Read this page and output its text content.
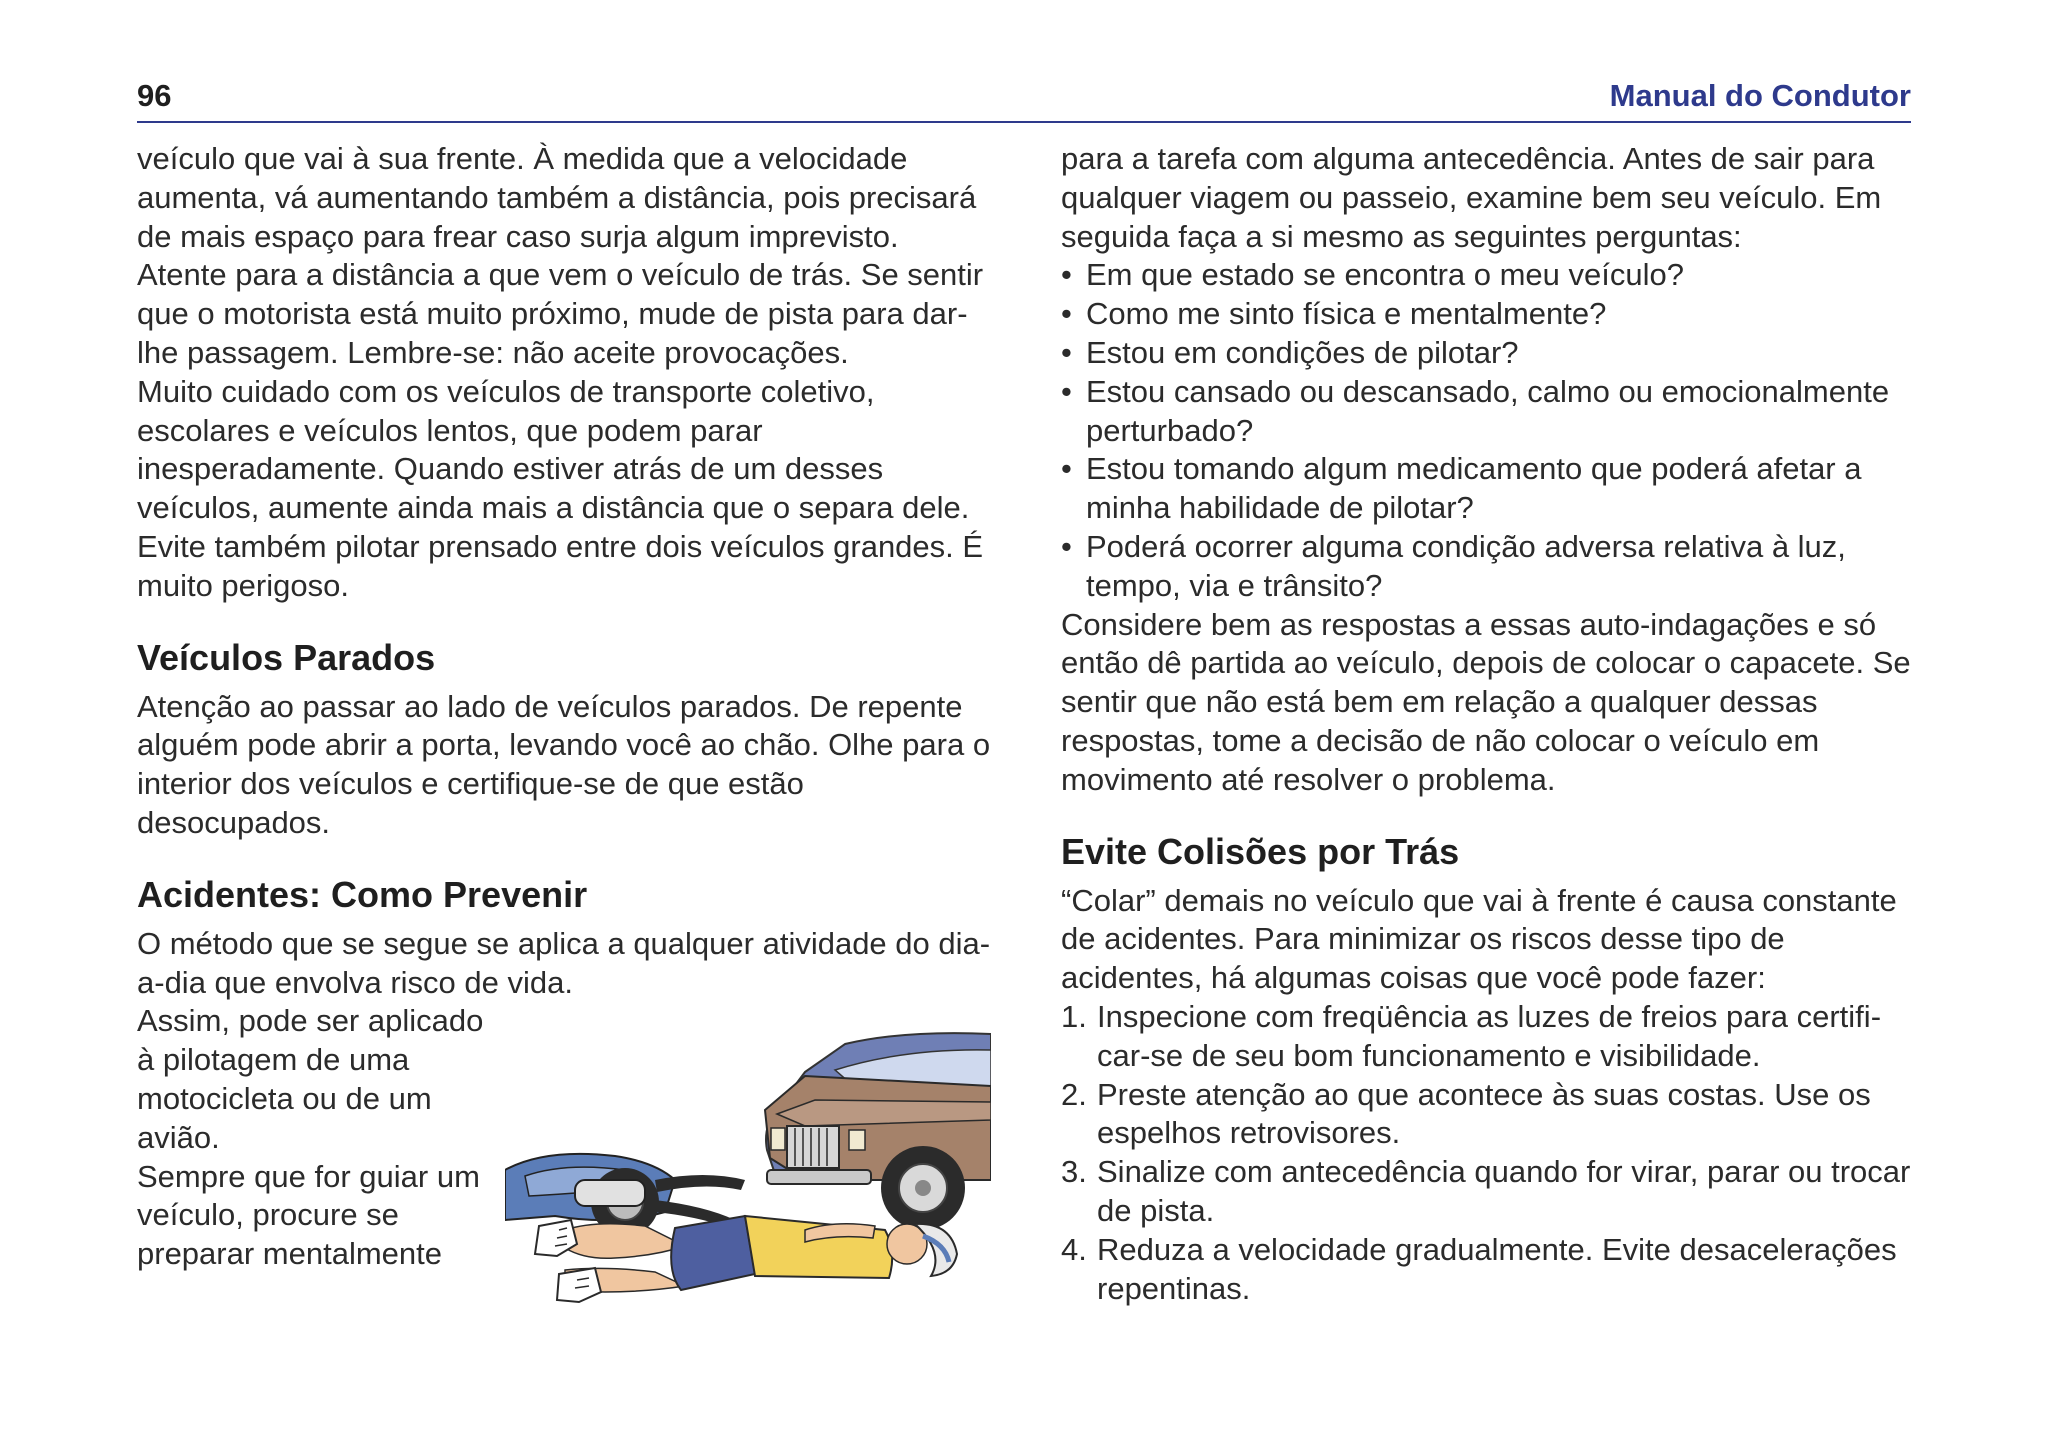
96	Manual do Condutor

veículo que vai à sua frente. À medida que a velocidade aumenta, vá aumentando também a distância, pois precisará de mais espaço para frear caso surja algum imprevisto.

Atente para a distância a que vem o veículo de trás. Se sentir que o motorista está muito próximo, mude de pista para dar-lhe passagem. Lembre-se: não aceite provocações.

Muito cuidado com os veículos de transporte coletivo, escolares e veículos lentos, que podem parar inesperadamente. Quando estiver atrás de um desses veículos, aumente ainda mais a distância que o separa dele.

Evite também pilotar prensado entre dois veículos grandes. É muito perigoso.

Veículos Parados

Atenção ao passar ao lado de veículos parados. De repente alguém pode abrir a porta, levando você ao chão. Olhe para o interior dos veículos e certifique-se de que estão desocupados.

Acidentes: Como Prevenir

O método que se segue se aplica a qualquer atividade do dia-a-dia que envolva risco de vida.

Assim, pode ser aplicado à pilotagem de uma motocicleta ou de um avião.

Sempre que for guiar um veículo, procure se preparar mentalmente

para a tarefa com alguma antecedência. Antes de sair para qualquer viagem ou passeio, examine bem seu veículo. Em seguida faça a si mesmo as seguintes perguntas:

• Em que estado se encontra o meu veículo?
• Como me sinto física e mentalmente?
• Estou em condições de pilotar?
• Estou cansado ou descansado, calmo ou emocionalmente perturbado?
• Estou tomando algum medicamento que poderá afetar a minha habilidade de pilotar?
• Poderá ocorrer alguma condição adversa relativa à luz, tempo, via e trânsito?

Considere bem as respostas a essas auto-indagações e só então dê partida ao veículo, depois de colocar o capacete. Se sentir que não está bem em relação a qualquer dessas respostas, tome a decisão de não colocar o veículo em movimento até resolver o problema.

Evite Colisões por Trás

“Colar” demais no veículo que vai à frente é causa constante de acidentes. Para minimizar os riscos desse tipo de acidentes, há algumas coisas que você pode fazer:

1. Inspecione com freqüência as luzes de freios para certificar-se de seu bom funcionamento e visibilidade.
2. Preste atenção ao que acontece às suas costas. Use os espelhos retrovisores.
3. Sinalize com antecedência quando for virar, parar ou trocar de pista.
4. Reduza a velocidade gradualmente. Evite desacelerações repentinas.
